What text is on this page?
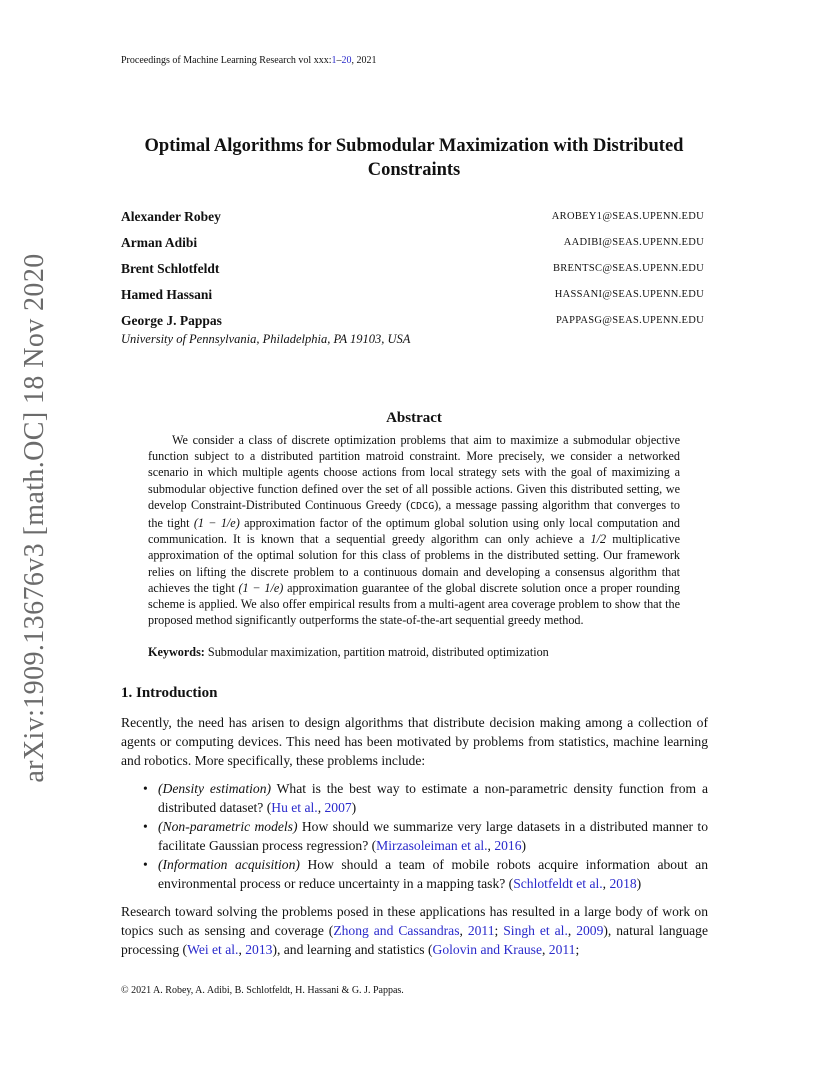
Proceedings of Machine Learning Research vol xxx:1–20, 2021
arXiv:1909.13676v3 [math.OC] 18 Nov 2020
Optimal Algorithms for Submodular Maximization with Distributed Constraints
Alexander Robey	AROBEY1@SEAS.UPENN.EDU
Arman Adibi	AADIBI@SEAS.UPENN.EDU
Brent Schlotfeldt	BRENTSC@SEAS.UPENN.EDU
Hamed Hassani	HASSANI@SEAS.UPENN.EDU
George J. Pappas	PAPPASG@SEAS.UPENN.EDU
University of Pennsylvania, Philadelphia, PA 19103, USA
Abstract
We consider a class of discrete optimization problems that aim to maximize a submodular objective function subject to a distributed partition matroid constraint. More precisely, we consider a networked scenario in which multiple agents choose actions from local strategy sets with the goal of maximizing a submodular objective function defined over the set of all possible actions. Given this distributed setting, we develop Constraint-Distributed Continuous Greedy (CDCG), a message passing algorithm that converges to the tight (1 − 1/e) approximation factor of the optimum global solution using only local computation and communication. It is known that a sequential greedy algorithm can only achieve a 1/2 multiplicative approximation of the optimal solution for this class of problems in the distributed setting. Our framework relies on lifting the discrete problem to a continuous domain and developing a consensus algorithm that achieves the tight (1 − 1/e) approximation guarantee of the global discrete solution once a proper rounding scheme is applied. We also offer empirical results from a multi-agent area coverage problem to show that the proposed method significantly outperforms the state-of-the-art sequential greedy method.
Keywords: Submodular maximization, partition matroid, distributed optimization
1. Introduction
Recently, the need has arisen to design algorithms that distribute decision making among a collection of agents or computing devices. This need has been motivated by problems from statistics, machine learning and robotics. More specifically, these problems include:
• (Density estimation) What is the best way to estimate a non-parametric density function from a distributed dataset? (Hu et al., 2007)
• (Non-parametric models) How should we summarize very large datasets in a distributed manner to facilitate Gaussian process regression? (Mirzasoleiman et al., 2016)
• (Information acquisition) How should a team of mobile robots acquire information about an environmental process or reduce uncertainty in a mapping task? (Schlotfeldt et al., 2018)
Research toward solving the problems posed in these applications has resulted in a large body of work on topics such as sensing and coverage (Zhong and Cassandras, 2011; Singh et al., 2009), natural language processing (Wei et al., 2013), and learning and statistics (Golovin and Krause, 2011;
© 2021 A. Robey, A. Adibi, B. Schlotfeldt, H. Hassani & G. J. Pappas.
